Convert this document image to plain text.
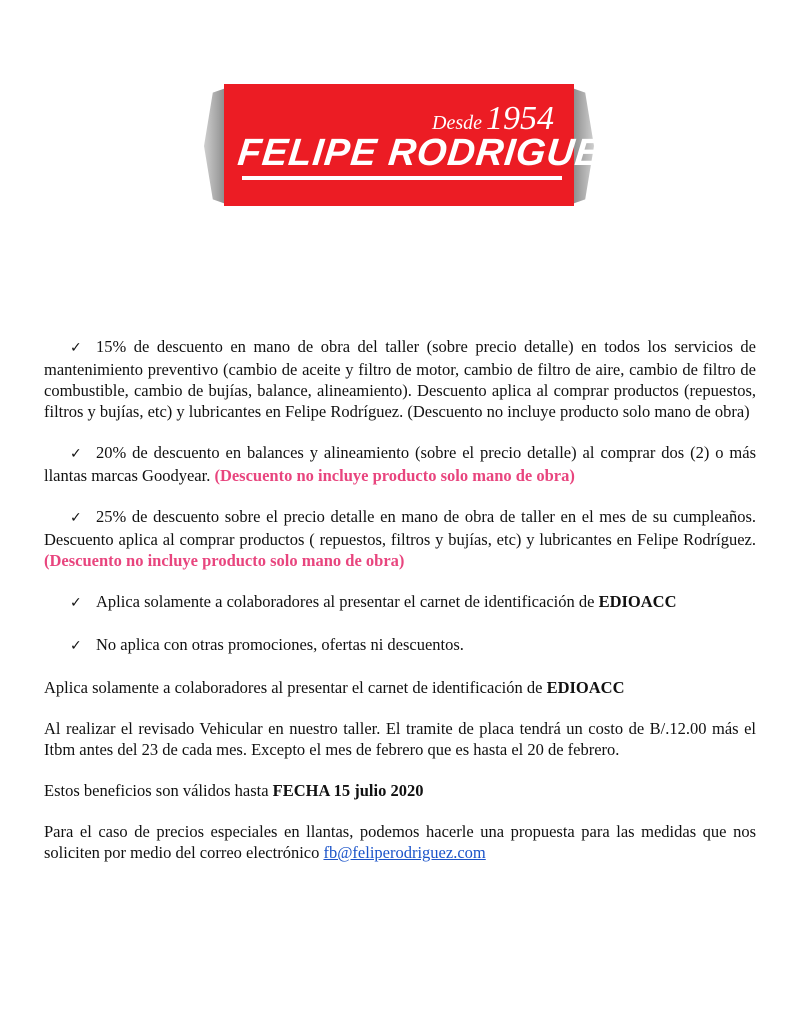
Desde 1954
FELIPE RODRIGUEZ

✓ 15% de descuento en mano de obra del taller (sobre precio detalle) en todos los servicios de mantenimiento preventivo (cambio de aceite y filtro de motor, cambio de filtro de aire, cambio de filtro de combustible, cambio de bujías, balance, alineamiento). Descuento aplica al comprar productos (repuestos, filtros y bujías, etc) y lubricantes en Felipe Rodríguez. (Descuento no incluye producto solo mano de obra)

✓ 20% de descuento en balances y alineamiento (sobre el precio detalle) al comprar dos (2) o más llantas marcas Goodyear. (Descuento no incluye producto solo mano de obra)

✓ 25% de descuento sobre el precio detalle en mano de obra de taller en el mes de su cumpleaños. Descuento aplica al comprar productos ( repuestos, filtros y bujías, etc) y lubricantes en Felipe Rodríguez. (Descuento no incluye producto solo mano de obra)

✓ Aplica solamente a colaboradores al presentar el carnet de identificación de EDIOACC

✓ No aplica con otras promociones, ofertas ni descuentos.

Aplica solamente a colaboradores al presentar el carnet de identificación de EDIOACC

Al realizar el revisado Vehicular en nuestro taller. El tramite de placa tendrá un costo de B/.12.00 más el Itbm antes del 23 de cada mes. Excepto el mes de febrero que es hasta el 20 de febrero.

Estos beneficios son válidos hasta FECHA 15 julio 2020

Para el caso de precios especiales en llantas, podemos hacerle una propuesta para las medidas que nos soliciten por medio del correo electrónico fb@feliperodriguez.com
